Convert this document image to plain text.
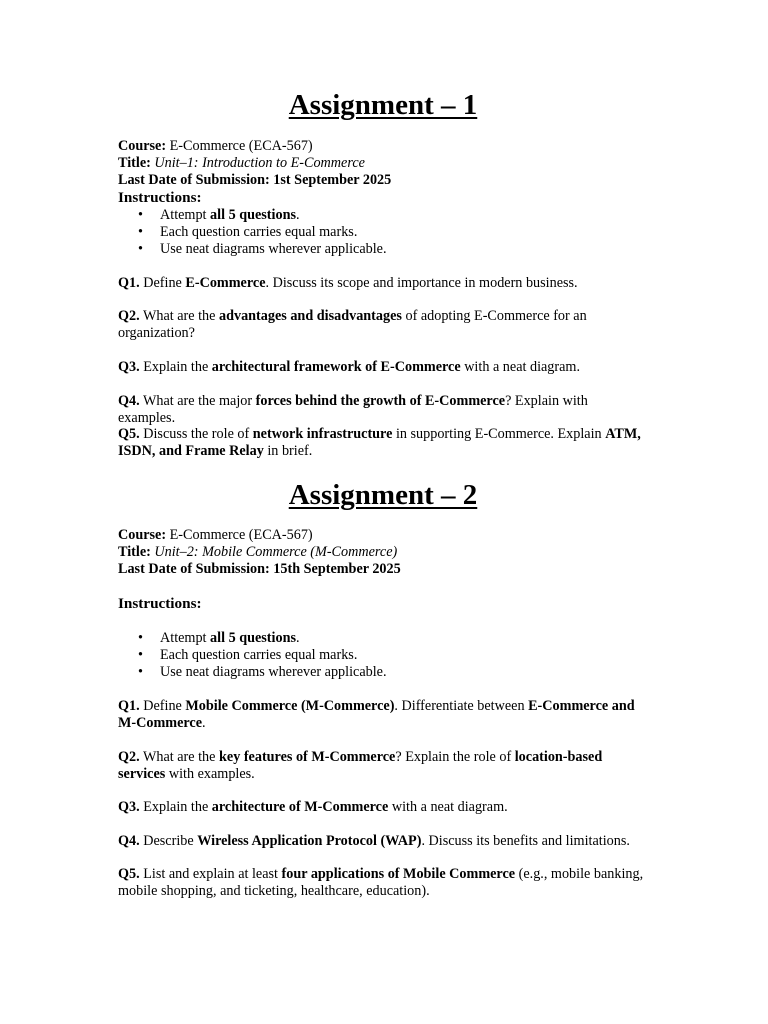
Assignment – 1
Course: E-Commerce (ECA-567)
Title: Unit–1: Introduction to E-Commerce
Last Date of Submission: 1st September 2025
Instructions:
• Attempt all 5 questions.
• Each question carries equal marks.
• Use neat diagrams wherever applicable.
Q1. Define E-Commerce. Discuss its scope and importance in modern business.
Q2. What are the advantages and disadvantages of adopting E-Commerce for an organization?
Q3. Explain the architectural framework of E-Commerce with a neat diagram.
Q4. What are the major forces behind the growth of E-Commerce? Explain with examples.
Q5. Discuss the role of network infrastructure in supporting E-Commerce. Explain ATM, ISDN, and Frame Relay in brief.
Assignment – 2
Course: E-Commerce (ECA-567)
Title: Unit–2: Mobile Commerce (M-Commerce)
Last Date of Submission: 15th September 2025
Instructions:
• Attempt all 5 questions.
• Each question carries equal marks.
• Use neat diagrams wherever applicable.
Q1. Define Mobile Commerce (M-Commerce). Differentiate between E-Commerce and M-Commerce.
Q2. What are the key features of M-Commerce? Explain the role of location-based services with examples.
Q3. Explain the architecture of M-Commerce with a neat diagram.
Q4. Describe Wireless Application Protocol (WAP). Discuss its benefits and limitations.
Q5. List and explain at least four applications of Mobile Commerce (e.g., mobile banking, mobile shopping, and ticketing, healthcare, education).
